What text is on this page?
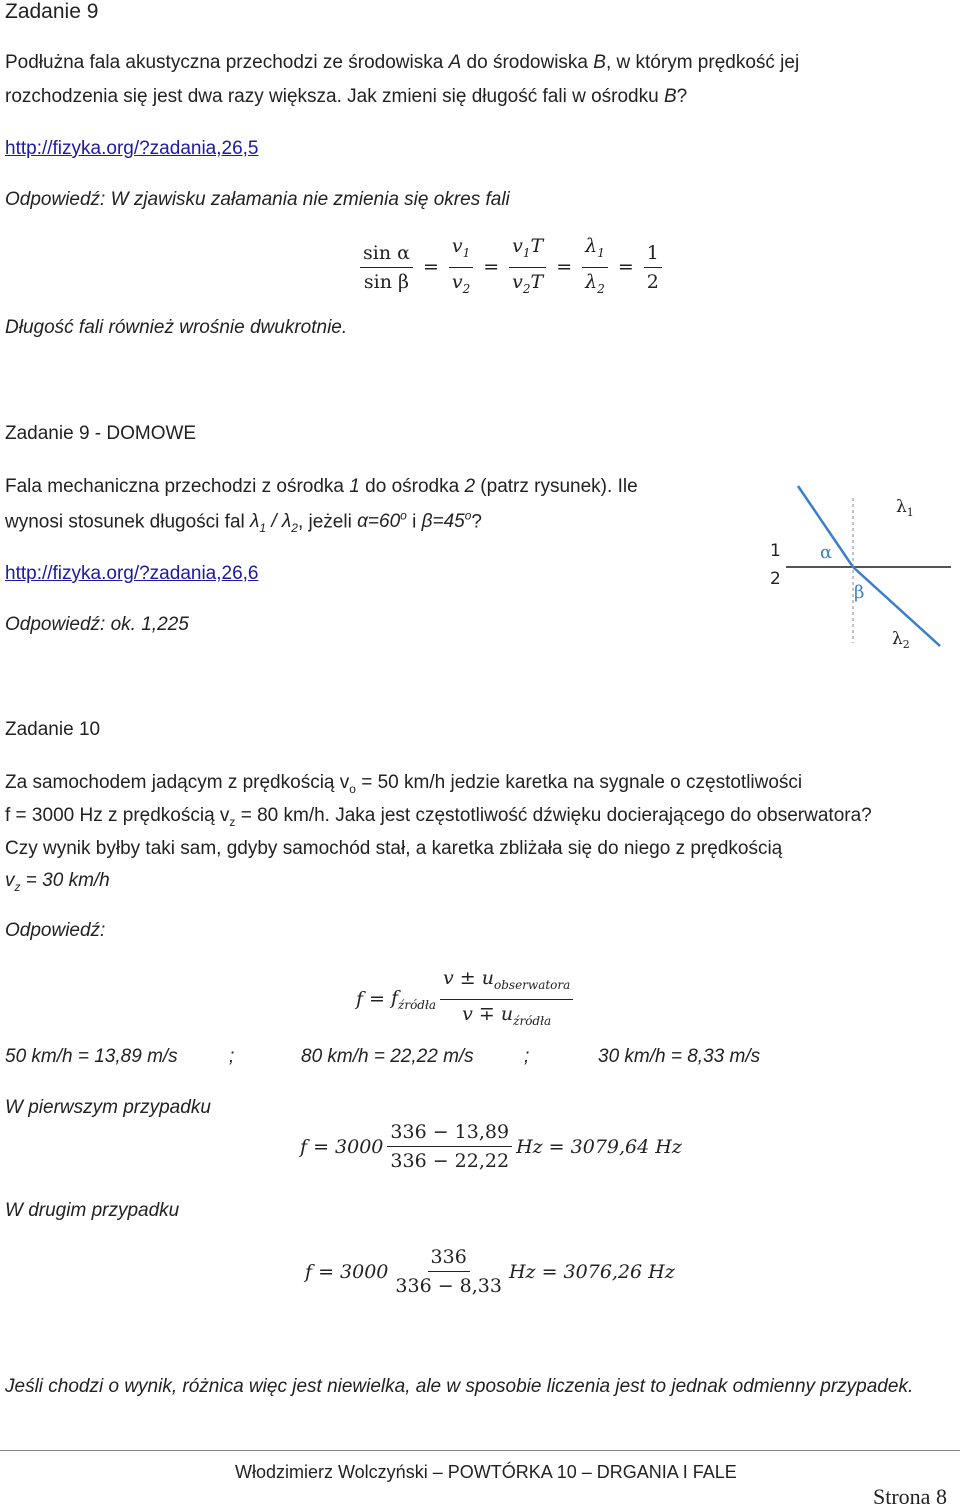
Zadanie 9
Podłużna fala akustyczna przechodzi ze środowiska A do środowiska B, w którym prędkość jej
rozchodzenia się jest dwa razy większa. Jak zmieni się długość fali w ośrodku B?
http://fizyka.org/?zadania,26,5
Odpowiedź: W zjawisku załamania nie zmienia się okres fali
$\frac{\text{sin α}}{\text{sin β}} = \frac{v_1}{v_2} = \frac{v_1T}{v_2T} = \frac{\lambda_1}{\lambda_2} = \frac{1}{2}$
Długość fali również wrośnie dwukrotnie.
Zadanie 9 - DOMOWE
Fala mechaniczna przechodzi z ośrodka 1 do ośrodka 2 (patrz rysunek). Ile
wynosi stosunek długości fal $\lambda_1 / \lambda_2$, jeżeli $\alpha=60^o$ i $\beta=45^o$?
http://fizyka.org/?zadania,26,6
Odpowiedź: ok. 1,225
1
2
α
β
$\lambda_1$
$\lambda_2$
Zadanie 10
Za samochodem jadącym z prędkością $v_o = 50$ km/h jedzie karetka na sygnale o częstotliwości
f = 3000 Hz z prędkością $v_z = 80$ km/h. Jaka jest częstotliwość dźwięku docierającego do obserwatora?
Czy wynik byłby taki sam, gdyby samochód stał, a karetka zbliżała się do niego z prędkością
$v_z = 30$ km/h
Odpowiedź:
$f = f_{źródła} \frac{v \pm u_{obserwatora}}{v \mp u_{źródła}}$
50 km/h = 13,89 m/s	;	80 km/h = 22,22 m/s	;	30 km/h = 8,33 m/s
W pierwszym przypadku
$f = 3000 \frac{336 - 13,89}{336 - 22,22}$ Hz = 3079,64 Hz
W drugim przypadku
$f = 3000 \frac{336}{336 - 8,33}$ Hz = 3076,26 Hz
Jeśli chodzi o wynik, różnica więc jest niewielka, ale w sposobie liczenia jest to jednak odmienny przypadek.
Włodzimierz Wolczyński – POWTÓRKA 10 – DRGANIA I FALE
Strona 8
